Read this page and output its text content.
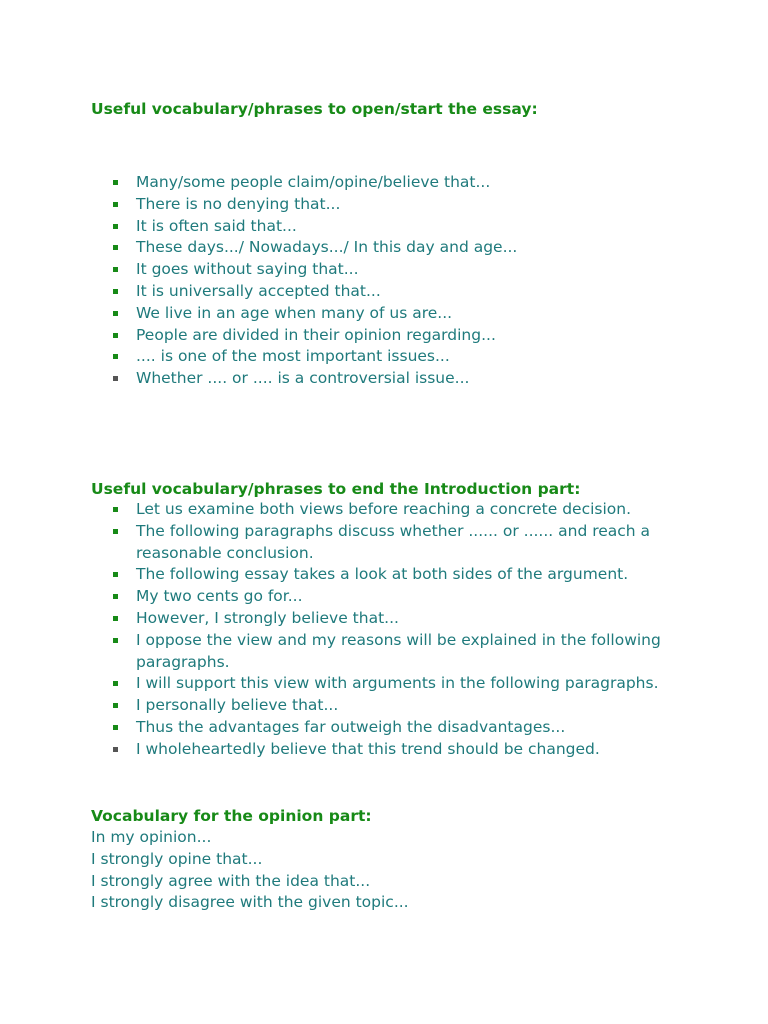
Useful vocabulary/phrases to open/start the essay:
Many/some people claim/opine/believe that...
There is no denying that...
It is often said that...
These days.../ Nowadays.../ In this day and age...
It goes without saying that...
It is universally accepted that...
We live in an age when many of us are...
People are divided in their opinion regarding...
.... is one of the most important issues...
Whether .... or .... is a controversial issue...
Useful vocabulary/phrases to end the Introduction part:
Let us examine both views before reaching a concrete decision.
The following paragraphs discuss whether ...... or ...... and reach a reasonable conclusion.
The following essay takes a look at both sides of the argument.
My two cents go for...
However, I strongly believe that...
I oppose the view and my reasons will be explained in the following paragraphs.
I will support this view with arguments in the following paragraphs.
I personally believe that...
Thus the advantages far outweigh the disadvantages...
I wholeheartedly believe that this trend should be changed.
Vocabulary for the opinion part:
In my opinion...
I strongly opine that...
I strongly agree with the idea that...
I strongly disagree with the given topic...
